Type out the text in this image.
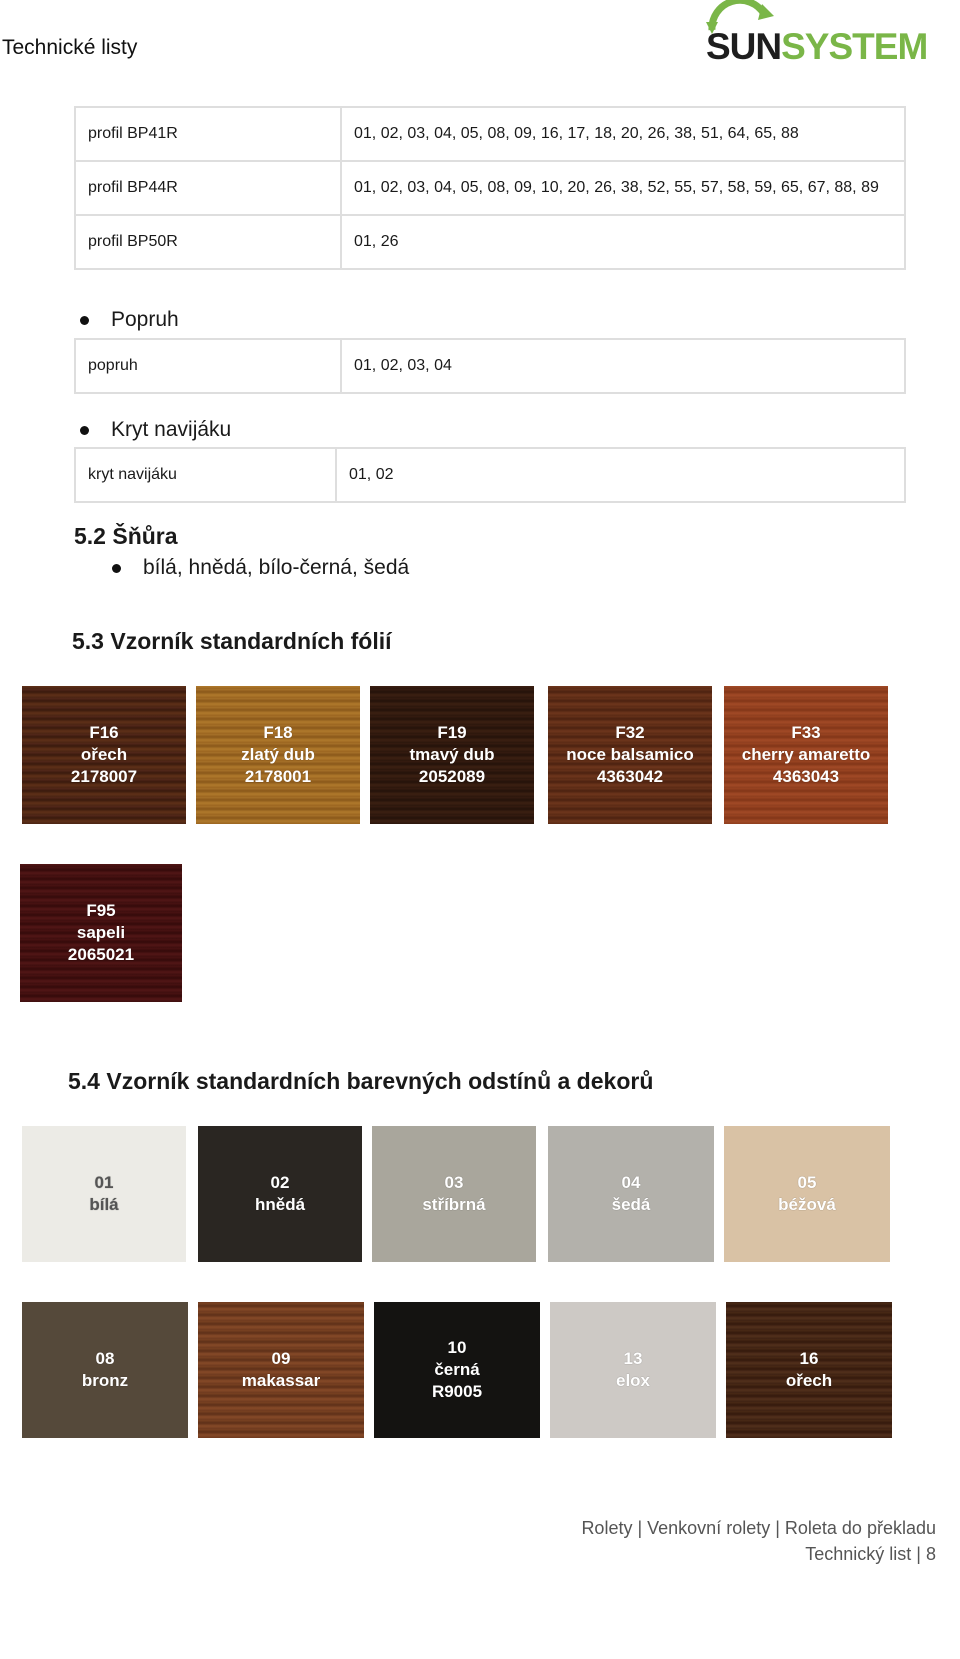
Technické listy	SUNSYSTEM
profil BP41R	01, 02, 03, 04, 05, 08, 09, 16, 17, 18, 20, 26, 38, 51, 64, 65, 88
profil BP44R	01, 02, 03, 04, 05, 08, 09, 10, 20, 26, 38, 52, 55, 57, 58, 59, 65, 67, 88, 89
profil BP50R	01, 26
Popruh
popruh	01, 02, 03, 04
Kryt navijáku
kryt navijáku	01, 02
5.2 Šňůra
bílá, hnědá, bílo-černá, šedá
5.3 Vzorník standardních fólií
F16
ořech
2178007
F18
zlatý dub
2178001
F19
tmavý dub
2052089
F32
noce balsamico
4363042
F33
cherry amaretto
4363043
F95
sapeli
2065021
5.4 Vzorník standardních barevných odstínů a dekorů
01
bílá
02
hnědá
03
stříbrná
04
šedá
05
béžová
08
bronz
09
makassar
10
černá
R9005
13
elox
16
ořech
Rolety | Venkovní rolety | Roleta do překladu
Technický list | 8
